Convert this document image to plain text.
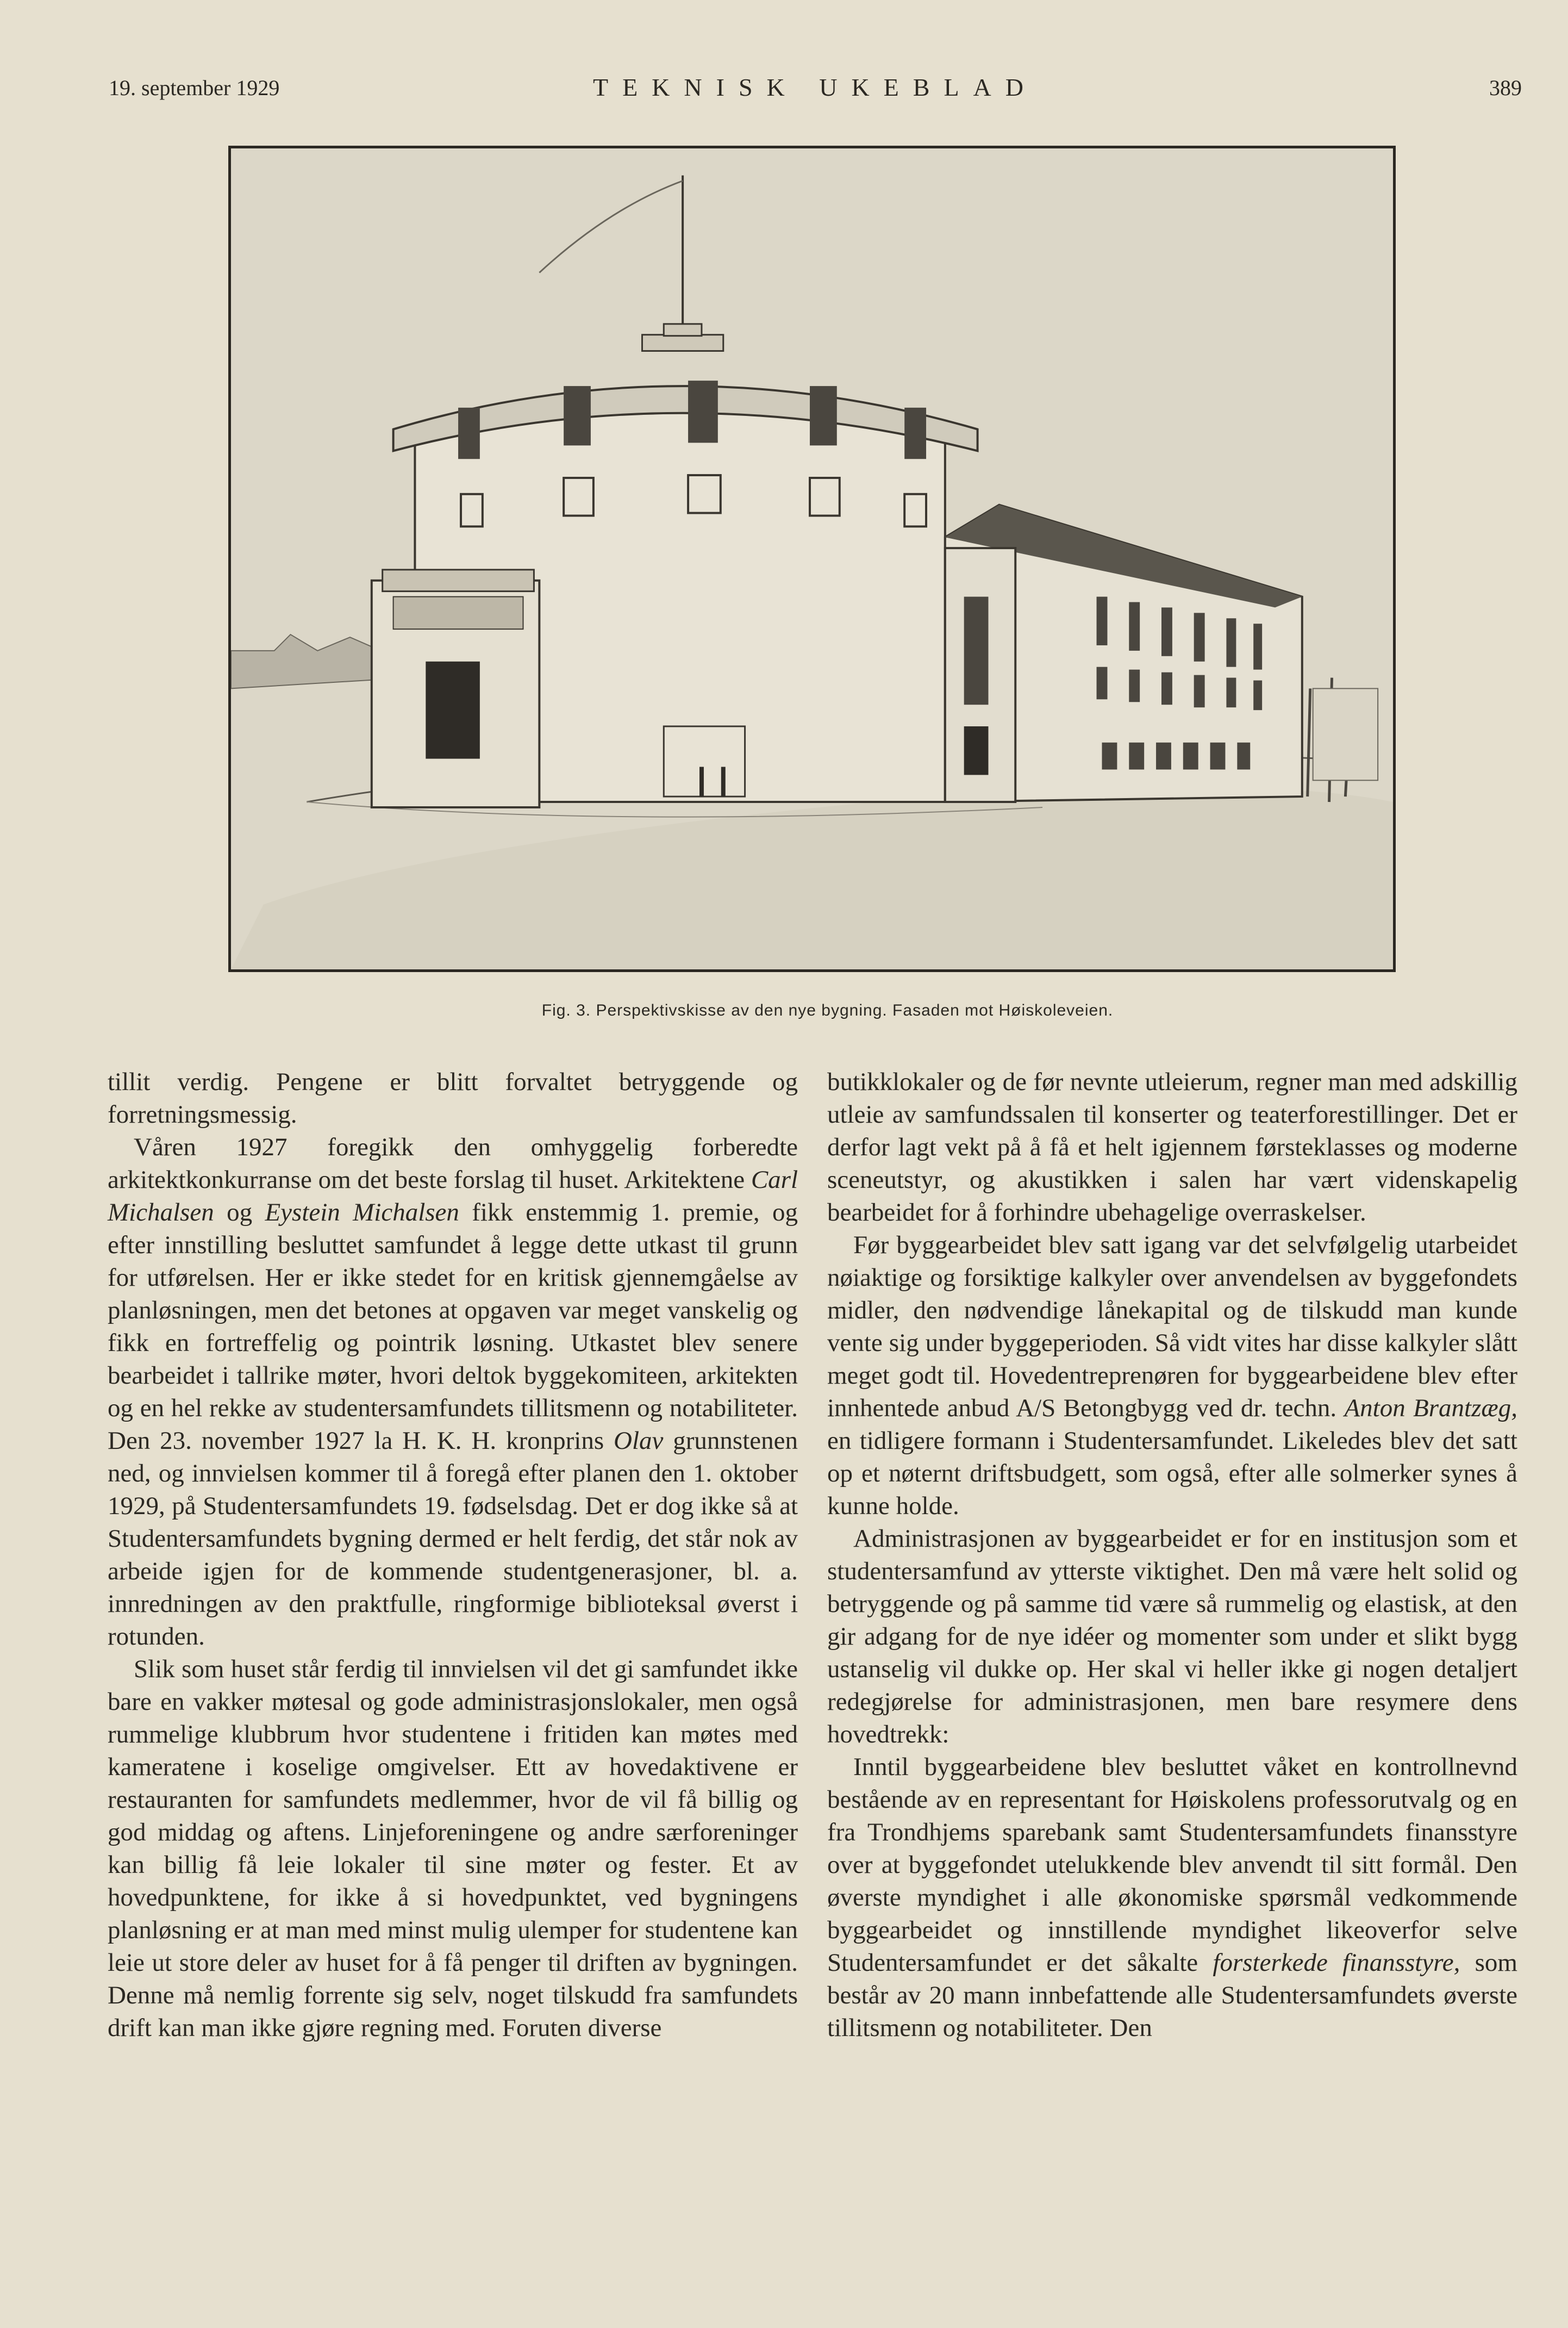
19. september 1929	TEKNISK UKEBLAD	389
Fig. 3. Perspektivskisse av den nye bygning. Fasaden mot Høiskoleveien.

tillit verdig. Pengene er blitt forvaltet betryggende og forretningsmessig.

Våren 1927 foregikk den omhyggelig forberedte arkitektkonkurranse om det beste forslag til huset. Arkitektene Carl Michalsen og Eystein Michalsen fikk enstemmig 1. premie, og efter innstilling besluttet samfundet å legge dette utkast til grunn for utførelsen. Her er ikke stedet for en kritisk gjennemgåelse av planløsningen, men det betones at opgaven var meget vanskelig og fikk en fortreffelig og pointrik løsning. Utkastet blev senere bearbeidet i tallrike møter, hvori deltok byggekomiteen, arkitekten og en hel rekke av studentersamfundets tillitsmenn og notabiliteter. Den 23. november 1927 la H. K. H. kronprins Olav grunnstenen ned, og innvielsen kommer til å foregå efter planen den 1. oktober 1929, på Studentersamfundets 19. fødselsdag. Det er dog ikke så at Studentersamfundets bygning dermed er helt ferdig, det står nok av arbeide igjen for de kommende studentgenerasjoner, bl. a. innredningen av den praktfulle, ringformige biblioteksal øverst i rotunden.

Slik som huset står ferdig til innvielsen vil det gi samfundet ikke bare en vakker møtesal og gode administrasjonslokaler, men også rummelige klubbrum hvor studentene i fritiden kan møtes med kameratene i koselige omgivelser. Ett av hovedaktivene er restauranten for samfundets medlemmer, hvor de vil få billig og god middag og aftens. Linjeforeningene og andre særforeninger kan billig få leie lokaler til sine møter og fester. Et av hovedpunktene, for ikke å si hovedpunktet, ved bygningens planløsning er at man med minst mulig ulemper for studentene kan leie ut store deler av huset for å få penger til driften av bygningen. Denne må nemlig forrente sig selv, noget tilskudd fra samfundets drift kan man ikke gjøre regning med. Foruten diverse

butikklokaler og de før nevnte utleierum, regner man med adskillig utleie av samfundssalen til konserter og teaterforestillinger. Det er derfor lagt vekt på å få et helt igjennem førsteklasses og moderne sceneutstyr, og akustikken i salen har vært videnskapelig bearbeidet for å forhindre ubehagelige overraskelser.

Før byggearbeidet blev satt igang var det selvfølgelig utarbeidet nøiaktige og forsiktige kalkyler over anvendelsen av byggefondets midler, den nødvendige lånekapital og de tilskudd man kunde vente sig under byggeperioden. Så vidt vites har disse kalkyler slått meget godt til. Hovedentreprenøren for byggearbeidene blev efter innhentede anbud A/S Betongbygg ved dr. techn. Anton Brantzæg, en tidligere formann i Studentersamfundet. Likeledes blev det satt op et nøternt driftsbudgett, som også, efter alle solmerker synes å kunne holde.

Administrasjonen av byggearbeidet er for en institusjon som et studentersamfund av ytterste viktighet. Den må være helt solid og betryggende og på samme tid være så rummelig og elastisk, at den gir adgang for de nye idéer og momenter som under et slikt bygg ustanselig vil dukke op. Her skal vi heller ikke gi nogen detaljert redegjørelse for administrasjonen, men bare resymere dens hovedtrekk:

Inntil byggearbeidene blev besluttet våket en kontrollnevnd bestående av en representant for Høiskolens professorutvalg og en fra Trondhjems sparebank samt Studentersamfundets finansstyre over at byggefondet utelukkende blev anvendt til sitt formål. Den øverste myndighet i alle økonomiske spørsmål vedkommende byggearbeidet og innstillende myndighet likeoverfor selve Studentersamfundet er det såkalte forsterkede finansstyre, som består av 20 mann innbefattende alle Studentersamfundets øverste tillitsmenn og notabiliteter. Den
